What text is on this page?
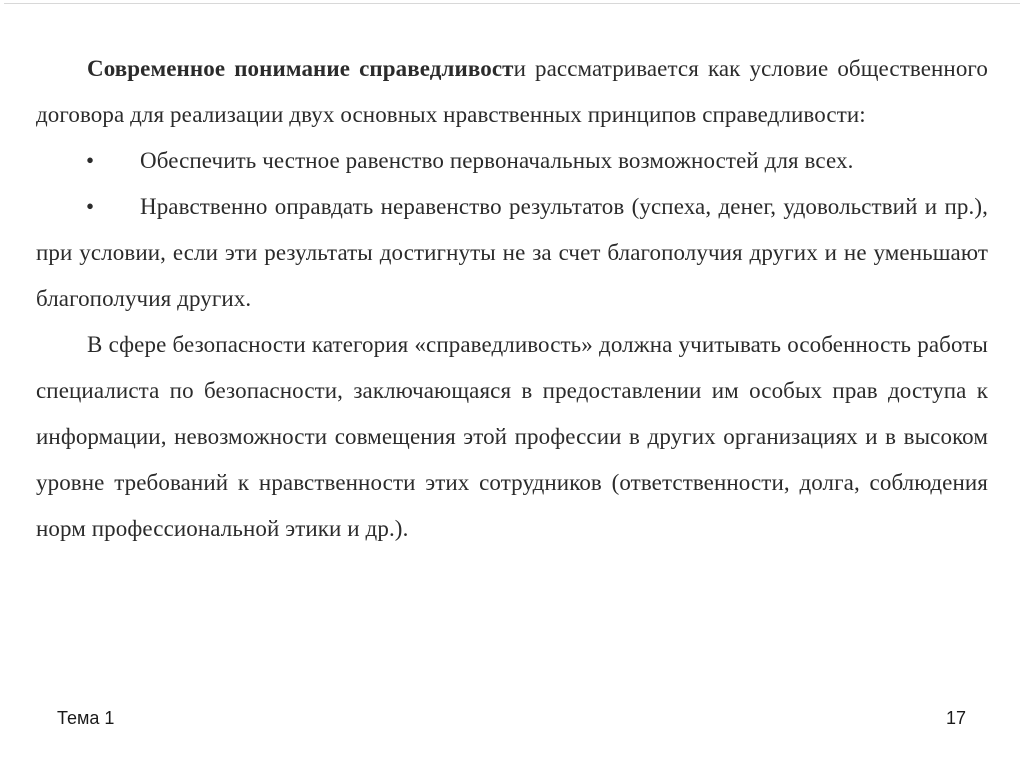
Современное понимание справедливости рассматривается как условие общественного договора для реализации двух основных нравственных принципов справедливости:

• Обеспечить честное равенство первоначальных возможностей для всех.

• Нравственно оправдать неравенство результатов (успеха, денег, удовольствий и пр.), при условии, если эти результаты достигнуты не за счет благополучия других и не уменьшают благополучия других.

В сфере безопасности категория «справедливость» должна учитывать особенность работы специалиста по безопасности, заключающаяся в предоставлении им особых прав доступа к информации, невозможности совмещения этой профессии в других организациях и в высоком уровне требований к нравственности этих сотрудников (ответственности, долга, соблюдения норм профессиональной этики и др.).

Тема 1	17
